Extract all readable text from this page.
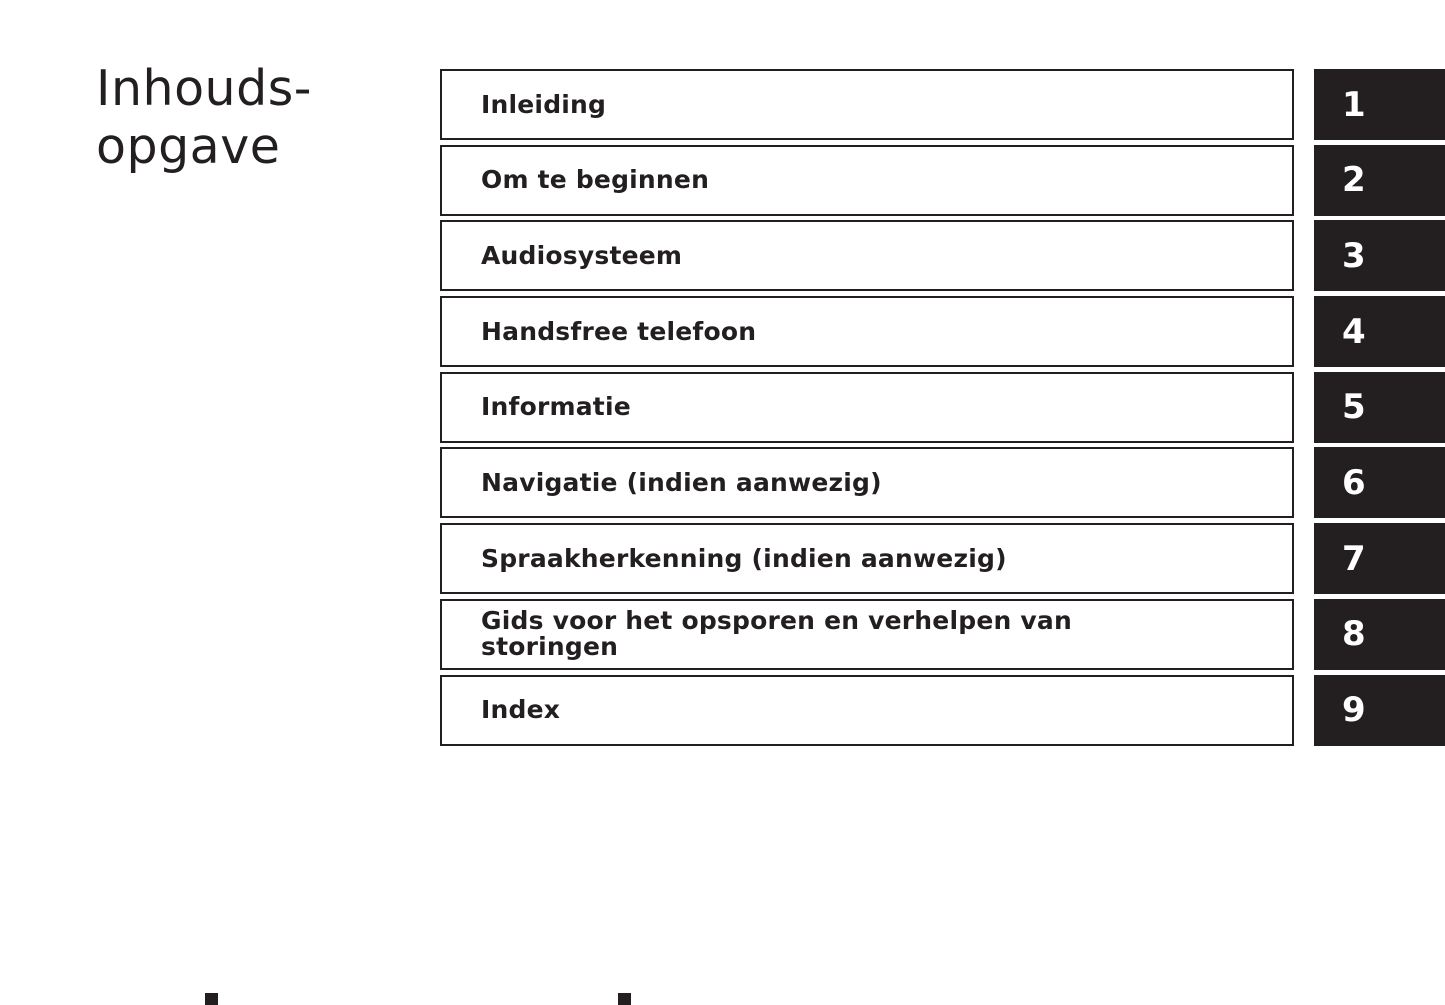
Inhouds-
opgave
Inleiding	1
Om te beginnen	2
Audiosysteem	3
Handsfree telefoon	4
Informatie	5
Navigatie (indien aanwezig)	6
Spraakherkenning (indien aanwezig)	7
Gids voor het opsporen en verhelpen van storingen	8
Index	9
